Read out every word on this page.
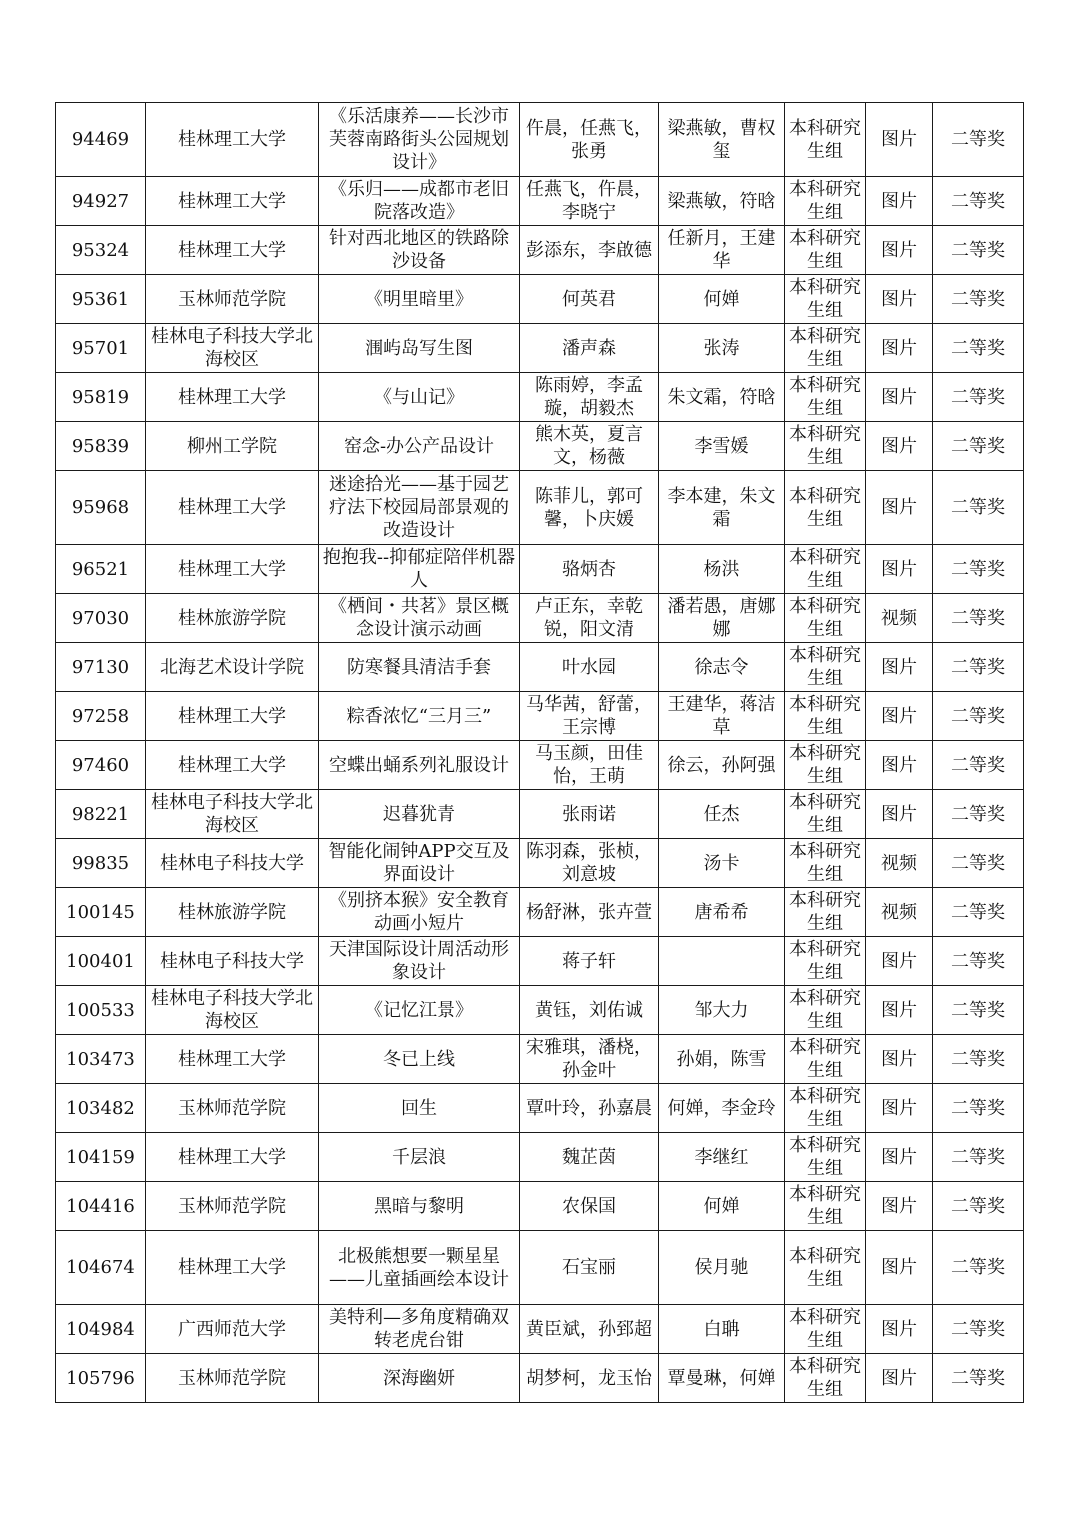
94469	桂林理工大学	《乐活康养——长沙市芙蓉南路街头公园规划设计》	仵晨，任燕飞，张勇	梁燕敏，曹权玺	本科研究生组	图片	二等奖
94927	桂林理工大学	《乐归——成都市老旧院落改造》	任燕飞，仵晨，李晓宁	梁燕敏，符晗	本科研究生组	图片	二等奖
95324	桂林理工大学	针对西北地区的铁路除沙设备	彭添东，李啟德	任新月，王建华	本科研究生组	图片	二等奖
95361	玉林师范学院	《明里暗里》	何英君	何婵	本科研究生组	图片	二等奖
95701	桂林电子科技大学北海校区	涠屿岛写生图	潘声森	张涛	本科研究生组	图片	二等奖
95819	桂林理工大学	《与山记》	陈雨婷，李孟璇，胡毅杰	朱文霜，符晗	本科研究生组	图片	二等奖
95839	柳州工学院	窑念-办公产品设计	熊木英，夏言文，杨薇	李雪媛	本科研究生组	图片	二等奖
95968	桂林理工大学	迷途拾光——基于园艺疗法下校园局部景观的改造设计	陈菲儿，郭可馨，卜庆媛	李本建，朱文霜	本科研究生组	图片	二等奖
96521	桂林理工大学	抱抱我--抑郁症陪伴机器人	骆炳杏	杨洪	本科研究生组	图片	二等奖
97030	桂林旅游学院	《栖间・共茗》景区概念设计演示动画	卢正东，幸乾锐，阳文清	潘若愚，唐娜娜	本科研究生组	视频	二等奖
97130	北海艺术设计学院	防寒餐具清洁手套	叶水园	徐志令	本科研究生组	图片	二等奖
97258	桂林理工大学	粽香浓忆“三月三”	马华茜，舒蕾，王宗博	王建华，蒋洁草	本科研究生组	图片	二等奖
97460	桂林理工大学	空蝶出蛹系列礼服设计	马玉颜，田佳怡，王萌	徐云，孙阿强	本科研究生组	图片	二等奖
98221	桂林电子科技大学北海校区	迟暮犹青	张雨诺	任杰	本科研究生组	图片	二等奖
99835	桂林电子科技大学	智能化闹钟APP交互及界面设计	陈羽森，张桢，刘意坡	汤卡	本科研究生组	视频	二等奖
100145	桂林旅游学院	《别挤本猴》安全教育动画小短片	杨舒淋，张卉萱	唐希希	本科研究生组	视频	二等奖
100401	桂林电子科技大学	天津国际设计周活动形象设计	蒋子轩		本科研究生组	图片	二等奖
100533	桂林电子科技大学北海校区	《记忆江景》	黄钰，刘佑诚	邹大力	本科研究生组	图片	二等奖
103473	桂林理工大学	冬已上线	宋雅琪，潘桡，孙金叶	孙娟，陈雪	本科研究生组	图片	二等奖
103482	玉林师范学院	回生	覃叶玲，孙嘉晨	何婵，李金玲	本科研究生组	图片	二等奖
104159	桂林理工大学	千层浪	魏芷茵	李继红	本科研究生组	图片	二等奖
104416	玉林师范学院	黑暗与黎明	农保国	何婵	本科研究生组	图片	二等奖
104674	桂林理工大学	北极熊想要一颗星星——儿童插画绘本设计	石宝丽	侯月驰	本科研究生组	图片	二等奖
104984	广西师范大学	美特利—多角度精确双转老虎台钳	黄臣斌，孙郅超	白聃	本科研究生组	图片	二等奖
105796	玉林师范学院	深海幽妍	胡梦柯，龙玉怡	覃曼琳，何婵	本科研究生组	图片	二等奖
